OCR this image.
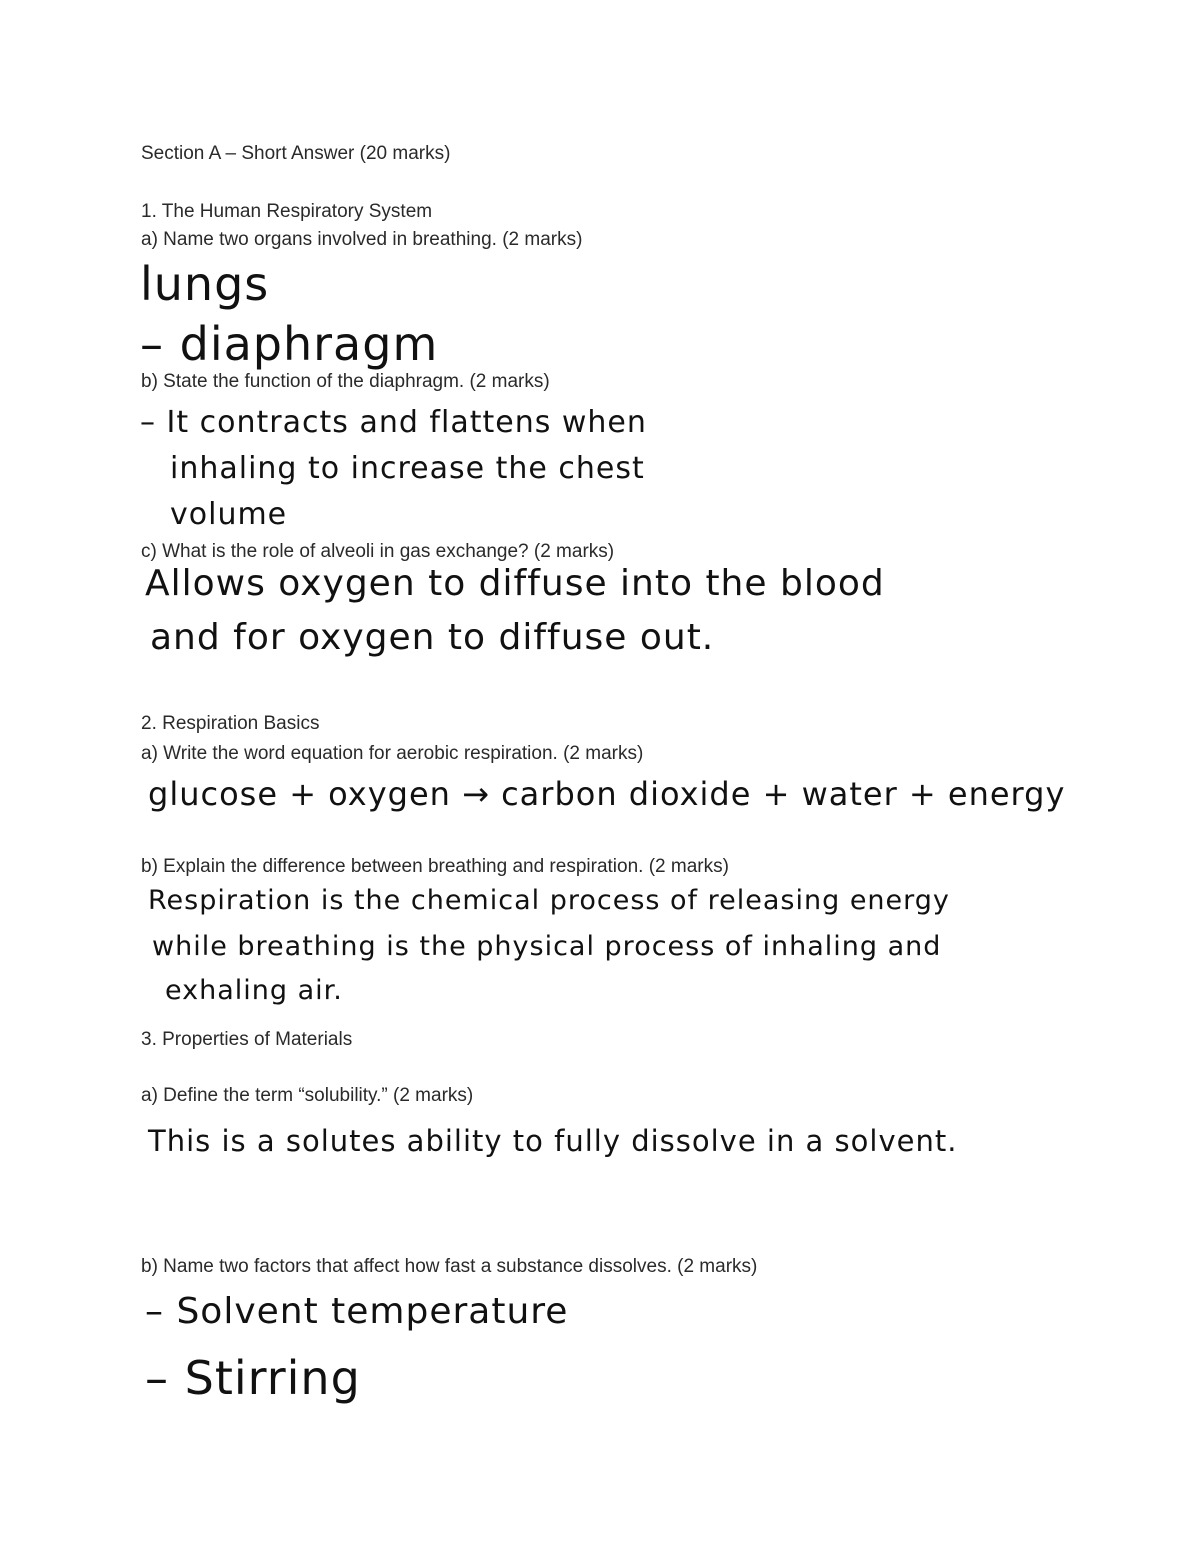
Section A – Short Answer (20 marks)
1. The Human Respiratory System
a) Name two organs involved in breathing. (2 marks)
lungs
– diaphragm
b) State the function of the diaphragm. (2 marks)
– It contracts and flattens when
inhaling to increase the chest
volume
c) What is the role of alveoli in gas exchange? (2 marks)
Allows oxygen to diffuse into the blood
and for oxygen to diffuse out.
2. Respiration Basics
a) Write the word equation for aerobic respiration. (2 marks)
glucose + oxygen → carbon dioxide + water + energy
b) Explain the difference between breathing and respiration. (2 marks)
Respiration is the chemical process of releasing energy
while breathing is the physical process of inhaling and
exhaling air.
3. Properties of Materials
a) Define the term “solubility.” (2 marks)
This is a solutes ability to fully dissolve in a solvent.
b) Name two factors that affect how fast a substance dissolves. (2 marks)
– Solvent temperature
– Stirring
